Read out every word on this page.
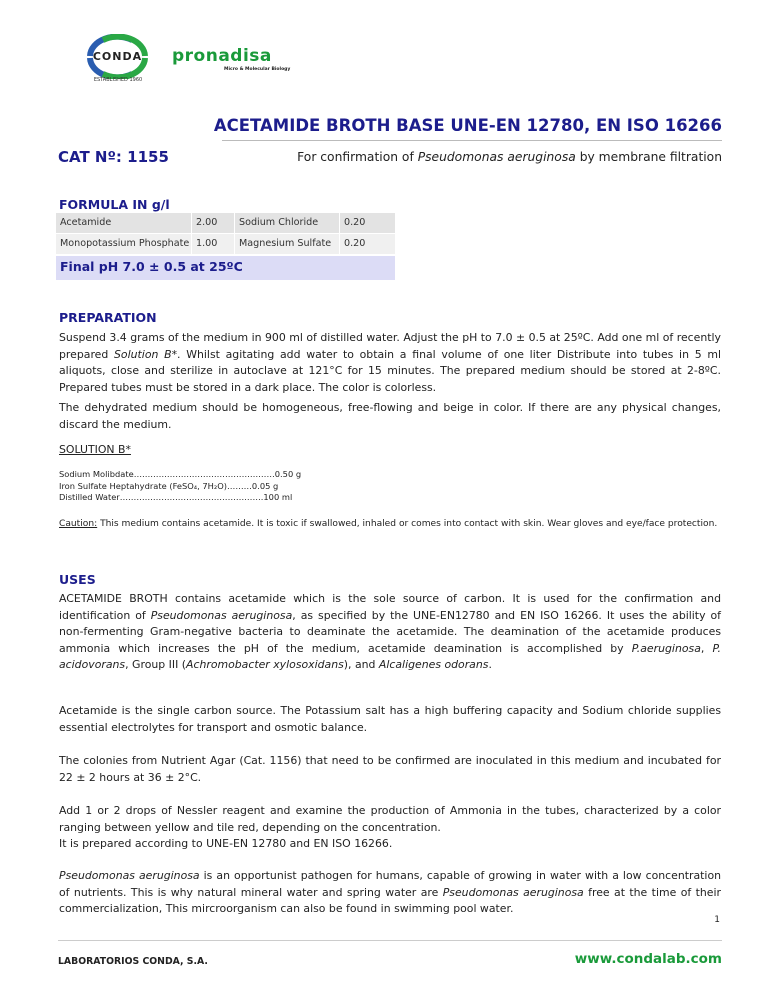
CONDA
ESTABLISHED 1960
pronadisa
Micro & Molecular Biology
ACETAMIDE BROTH BASE UNE-EN 12780, EN ISO 16266
CAT Nº: 1155	For confirmation of Pseudomonas aeruginosa by membrane filtration
FORMULA IN g/l
Acetamide	2.00	Sodium Chloride	0.20
Monopotassium Phosphate 1.00	Magnesium Sulfate	0.20
Final pH 7.0 ± 0.5 at 25ºC
PREPARATION
Suspend 3.4 grams of the medium in 900 ml of distilled water. Adjust the pH to 7.0 ± 0.5 at 25ºC. Add one ml of recently prepared Solution B*. Whilst agitating add water to obtain a final volume of one liter Distribute into tubes in 5 ml aliquots, close and sterilize in autoclave at 121°C for 15 minutes. The prepared medium should be stored at 2-8ºC. Prepared tubes must be stored in a dark place. The color is colorless.
The dehydrated medium should be homogeneous, free-flowing and beige in color. If there are any physical changes, discard the medium.
SOLUTION B*
Sodium Molibdate……………………………………………0.50 g
Iron Sulfate Heptahydrate (FeSO₄, 7H₂O)………0.05 g
Distilled Water…………………………………………….100 ml
Caution: This medium contains acetamide. It is toxic if swallowed, inhaled or comes into contact with skin. Wear gloves and eye/face protection.
USES
ACETAMIDE BROTH contains acetamide which is the sole source of carbon. It is used for the confirmation and identification of Pseudomonas aeruginosa, as specified by the UNE-EN12780 and EN ISO 16266. It uses the ability of non-fermenting Gram-negative bacteria to deaminate the acetamide. The deamination of the acetamide produces ammonia which increases the pH of the medium, acetamide deamination is accomplished by P.aeruginosa, P. acidovorans, Group III (Achromobacter xylosoxidans), and Alcaligenes odorans.
Acetamide is the single carbon source. The Potassium salt has a high buffering capacity and Sodium chloride supplies essential electrolytes for transport and osmotic balance.
The colonies from Nutrient Agar (Cat. 1156) that need to be confirmed are inoculated in this medium and incubated for 22 ± 2 hours at 36 ± 2°C.
Add 1 or 2 drops of Nessler reagent and examine the production of Ammonia in the tubes, characterized by a color ranging between yellow and tile red, depending on the concentration.
It is prepared according to UNE-EN 12780 and EN ISO 16266.
Pseudomonas aeruginosa is an opportunist pathogen for humans, capable of growing in water with a low concentration of nutrients. This is why natural mineral water and spring water are Pseudomonas aeruginosa free at the time of their commercialization, This mircroorganism can also be found in swimming pool water.
1
LABORATORIOS CONDA, S.A.	www.condalab.com
